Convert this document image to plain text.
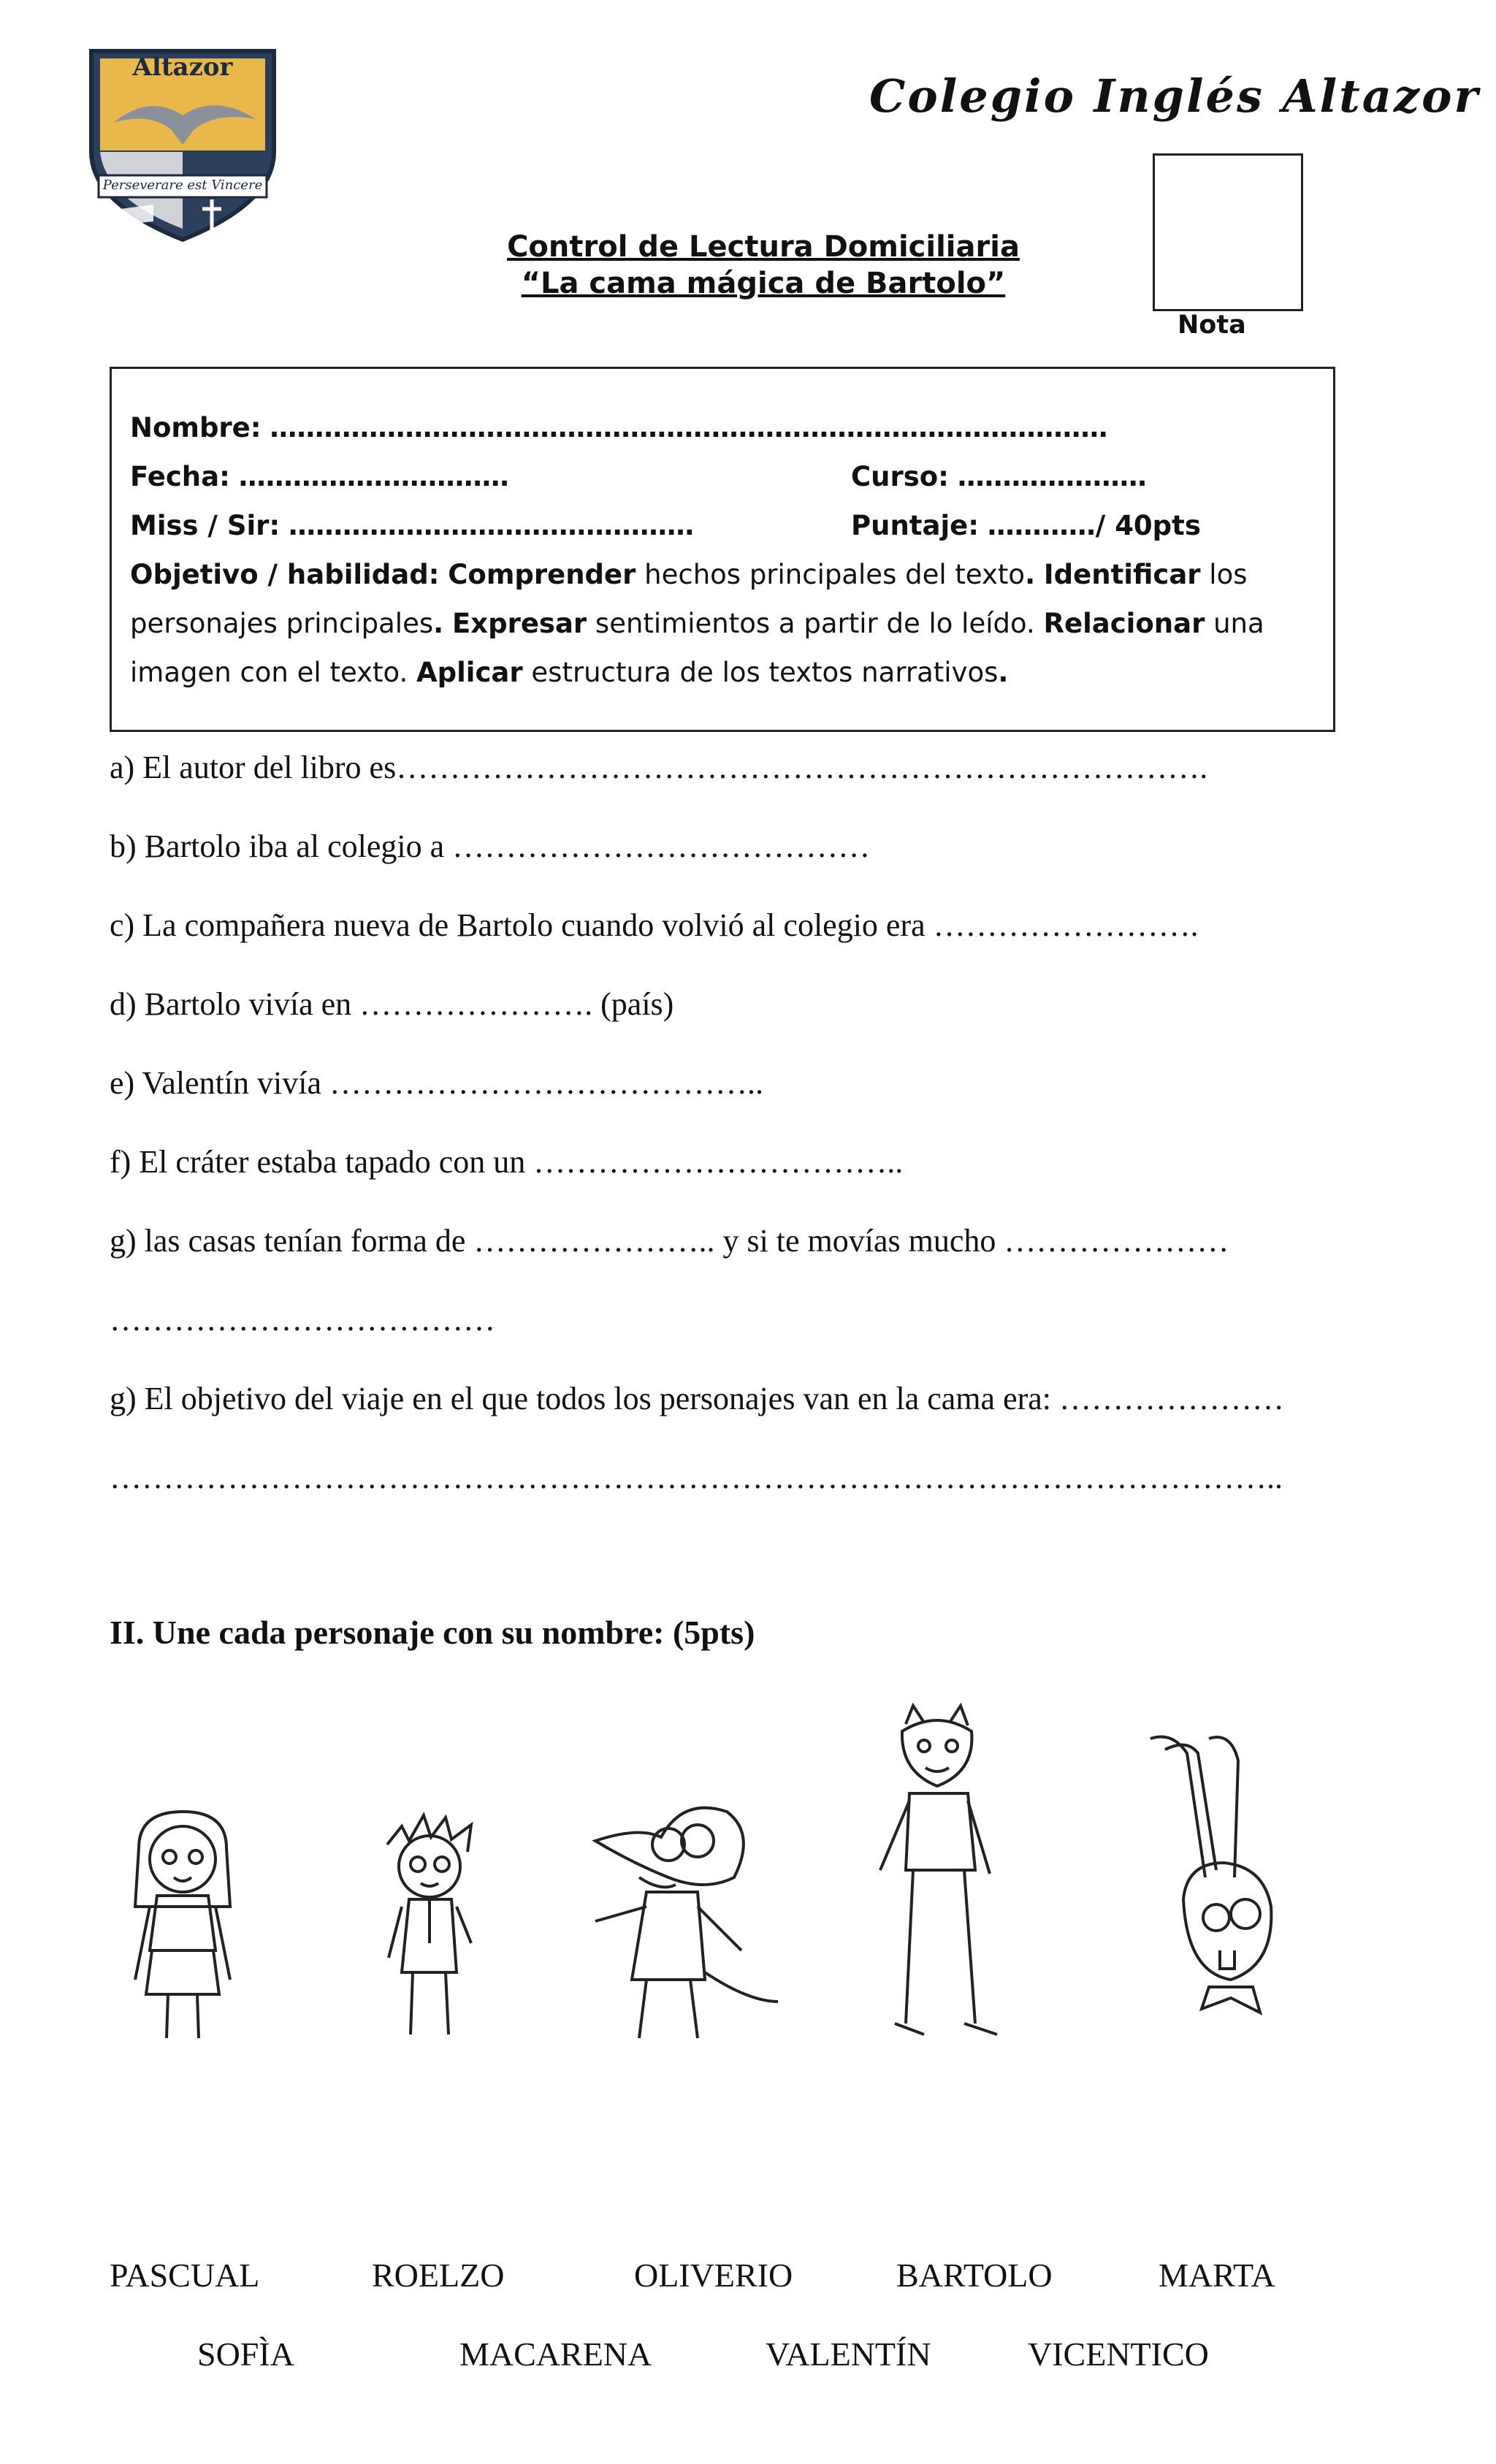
Altazor
Perseverare est Vincere
Colegio Inglés Altazor
Control de Lectura Domiciliaria
“La cama mágica de Bartolo”
Nota
Nombre: …………………………………………………………………………………
Fecha: …………………………	Curso: …………………
Miss / Sir: ………………………………………	Puntaje: …………/ 40pts
Objetivo / habilidad: Comprender hechos principales del texto. Identificar los personajes principales. Expresar sentimientos a partir de lo leído. Relacionar una imagen con el texto. Aplicar estructura de los textos narrativos.
a) El autor del libro es………………………………………………………………….
b) Bartolo iba al colegio a …………………………………
c) La compañera nueva de Bartolo cuando volvió al colegio era …………………….
d) Bartolo vivía en …………………. (país)
e) Valentín vivía …………………………………..
f) El cráter estaba tapado con un ……………………………..
g) las casas tenían forma de ………………….. y si te movías mucho …………………
………………………………
g) El objetivo del viaje en el que todos los personajes van en la cama era: …………………
………………………………………………………………………………………………..
II. Une cada personaje con su nombre: (5pts)
PASCUAL	ROELZO	OLIVERIO	BARTOLO	MARTA
SOFÌA	MACARENA	VALENTÍN	VICENTICO
